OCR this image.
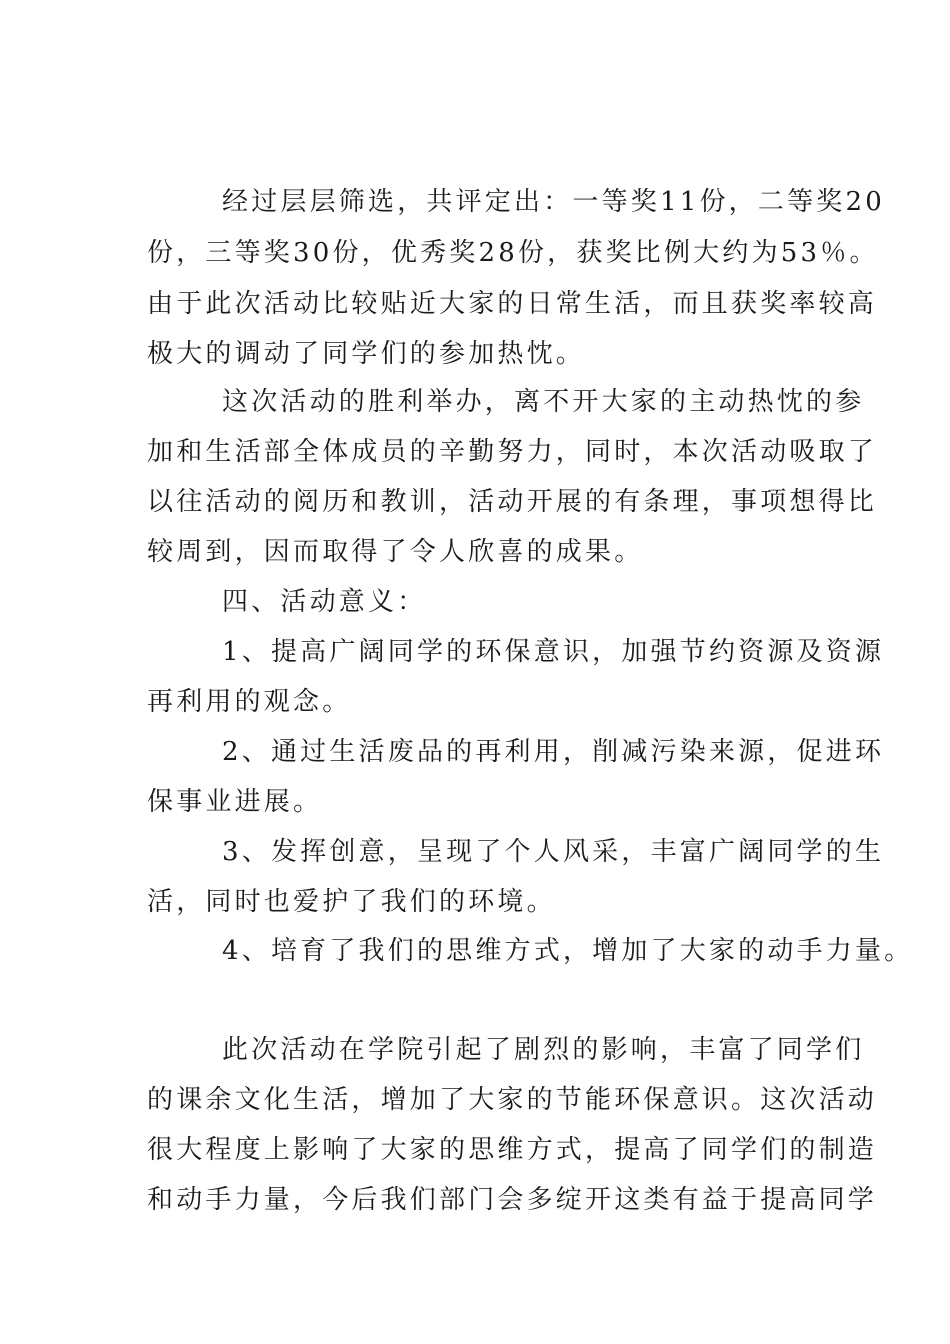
经过层层筛选，共评定出：一等奖11份，二等奖20
份，三等奖30份，优秀奖28份，获奖比例大约为53％。
由于此次活动比较贴近大家的日常生活，而且获奖率较高
极大的调动了同学们的参加热忱。
这次活动的胜利举办，离不开大家的主动热忱的参
加和生活部全体成员的辛勤努力，同时，本次活动吸取了
以往活动的阅历和教训，活动开展的有条理，事项想得比
较周到，因而取得了令人欣喜的成果。
四、活动意义：
1、提高广阔同学的环保意识，加强节约资源及资源
再利用的观念。
2、通过生活废品的再利用，削减污染来源，促进环
保事业进展。
3、发挥创意，呈现了个人风采，丰富广阔同学的生
活，同时也爱护了我们的环境。
4、培育了我们的思维方式，增加了大家的动手力量。
此次活动在学院引起了剧烈的影响，丰富了同学们
的课余文化生活，增加了大家的节能环保意识。这次活动
很大程度上影响了大家的思维方式，提高了同学们的制造
和动手力量，今后我们部门会多绽开这类有益于提高同学
